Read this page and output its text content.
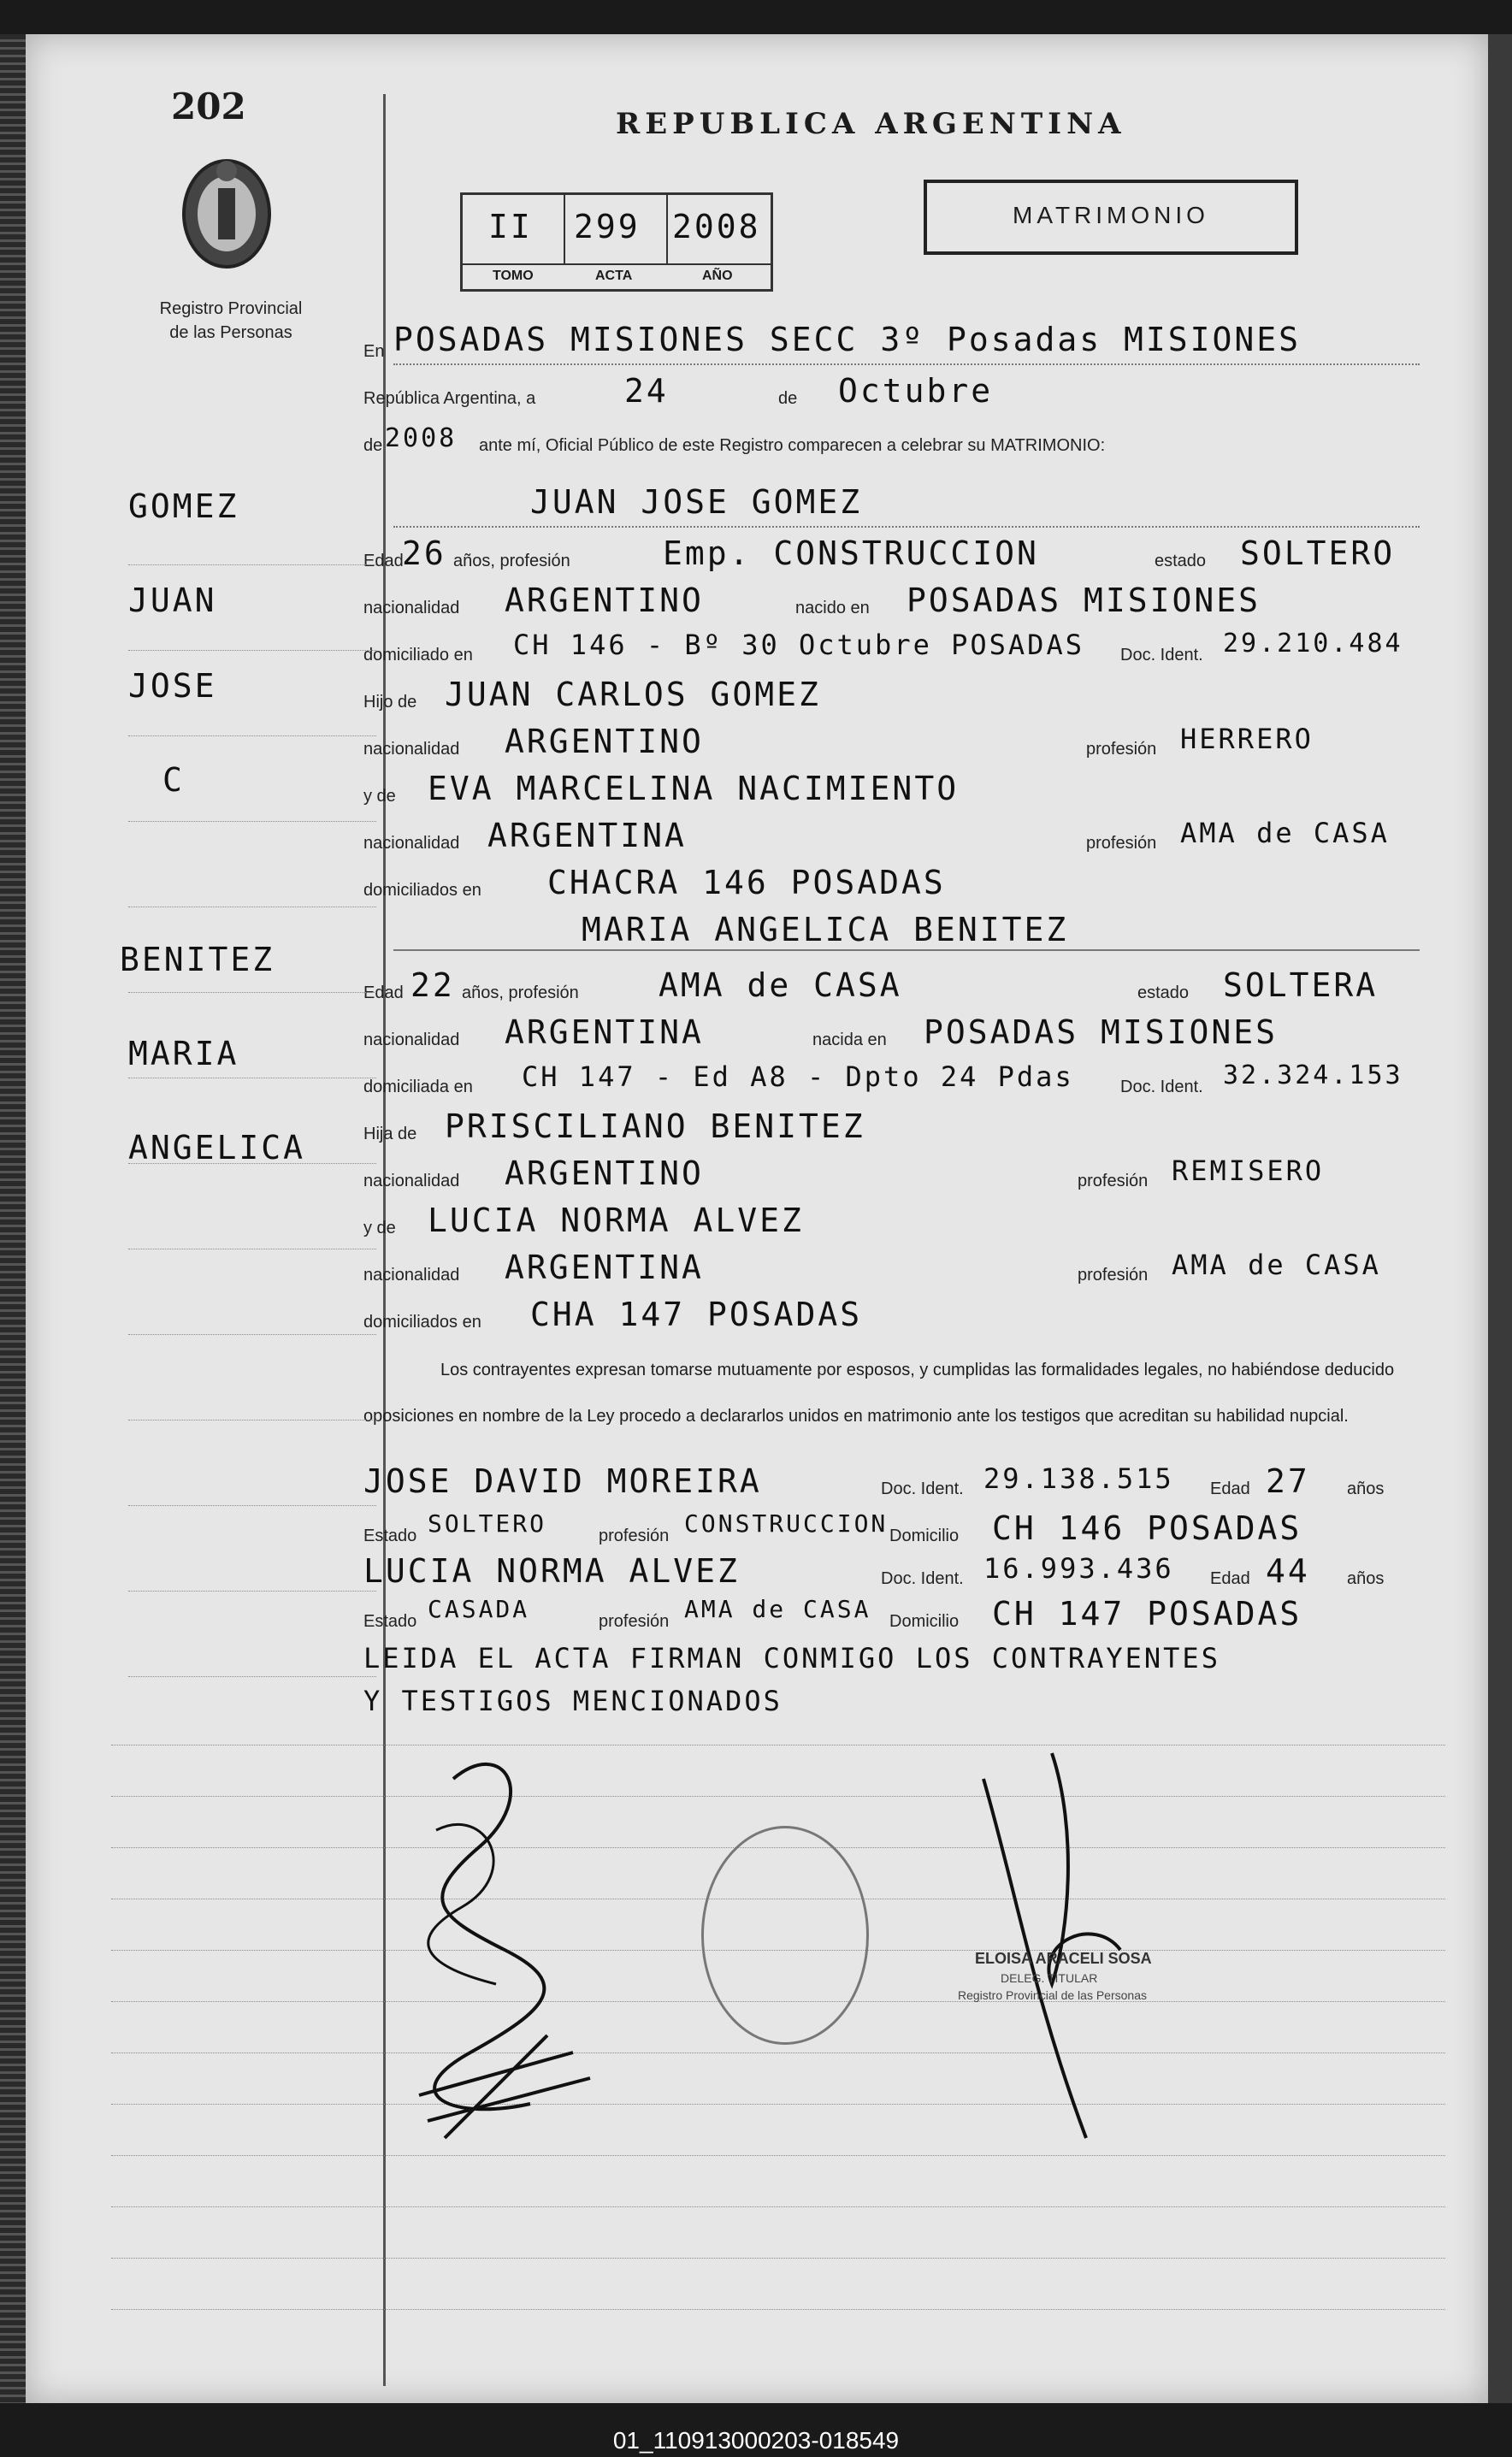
202
Registro Provincial
de las Personas
REPUBLICA ARGENTINA
II 299 2008
TOMO	ACTA	AÑO
MATRIMONIO
En POSADAS MISIONES SECC 3º Posadas MISIONES
República Argentina, a	24	de Octubre
de 2008 ante mí, Oficial Público de este Registro comparecen a celebrar su MATRIMONIO:
JUAN JOSE GOMEZ
GOMEZ
JUAN
JOSE
C
BENITEZ
MARIA
ANGELICA
Edad
26 años, profesión	Emp. CONSTRUCCION	estado SOLTERO
nacionalidad ARGENTINO	nacido en POSADAS MISIONES
domiciliado en CH 146 - Bº 30 Octubre POSADAS Doc. Ident. 29.210.484
Hijo de JUAN CARLOS GOMEZ
nacionalidad ARGENTINO	profesión HERRERO
y de EVA MARCELINA NACIMIENTO
nacionalidad ARGENTINA	profesión AMA de CASA
domiciliados en CHACRA 146 POSADAS
MARIA ANGELICA BENITEZ
Edad 22 años, profesión AMA de CASA	estado SOLTERA
nacionalidad ARGENTINA	nacida en POSADAS MISIONES
domiciliada en CH 147 - Ed A8 - Dpto 24 Pdas	Doc. Ident. 32.324.153
Hija de PRISCILIANO BENITEZ
nacionalidad ARGENTINO	profesión REMISERO
y de LUCIA NORMA ALVEZ
nacionalidad ARGENTINA	profesión AMA de CASA
domiciliados en CHA 147 POSADAS
Los contrayentes expresan tomarse mutuamente por esposos, y cumplidas las formalidades legales, no habiéndose deducido oposiciones en nombre de la Ley procedo a declararlos unidos en matrimonio ante los testigos que acreditan su habilidad nupcial.
JOSE DAVID MOREIRA	Doc. Ident. 29.138.515 Edad 27 años
Estado SOLTERO	profesión CONSTRUCCION Domicilio CH 146 POSADAS
LUCIA NORMA ALVEZ	Doc. Ident. 16.993.436 Edad 44 años
Estado CASADA	profesión AMA de CASA Domicilio CH 147 POSADAS
LEIDA EL ACTA FIRMAN CONMIGO LOS CONTRAYENTES
Y TESTIGOS MENCIONADOS
ELOISA ARACELI SOSA
DELEG. TITULAR
Registro Provincial de las Personas
01_110913000203-018549
